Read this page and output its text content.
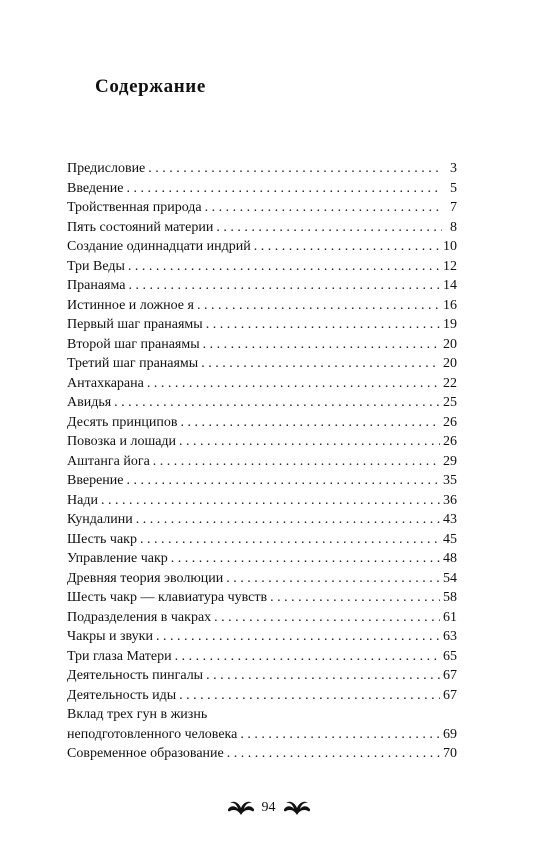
Содержание
Предисловие . . .	3
Введение . . .	5
Тройственная природа . . .	7
Пять состояний материи . . .	8
Создание одиннадцати индрий . . .	10
Три Веды . . .	12
Пранаяма . . .	14
Истинное и ложное я . . .	16
Первый шаг пранаямы . . .	19
Второй шаг пранаямы . . .	20
Третий шаг пранаямы . . .	20
Антахкарана . . .	22
Авидья . . .	25
Десять принципов . . .	26
Повозка и лошади . . .	26
Аштанга йога . . .	29
Вверение . . .	35
Нади . . .	36
Кундалини . . .	43
Шесть чакр . . .	45
Управление чакр . . .	48
Древняя теория эволюции . . .	54
Шесть чакр — клавиатура чувств . . .	58
Подразделения в чакрах . . .	61
Чакры и звуки . . .	63
Три глаза Матери . . .	65
Деятельность пингалы . . .	67
Деятельность иды . . .	67
Вклад трех гун в жизнь
неподготовленного человека . . .	69
Современное образование . . .	70
94
